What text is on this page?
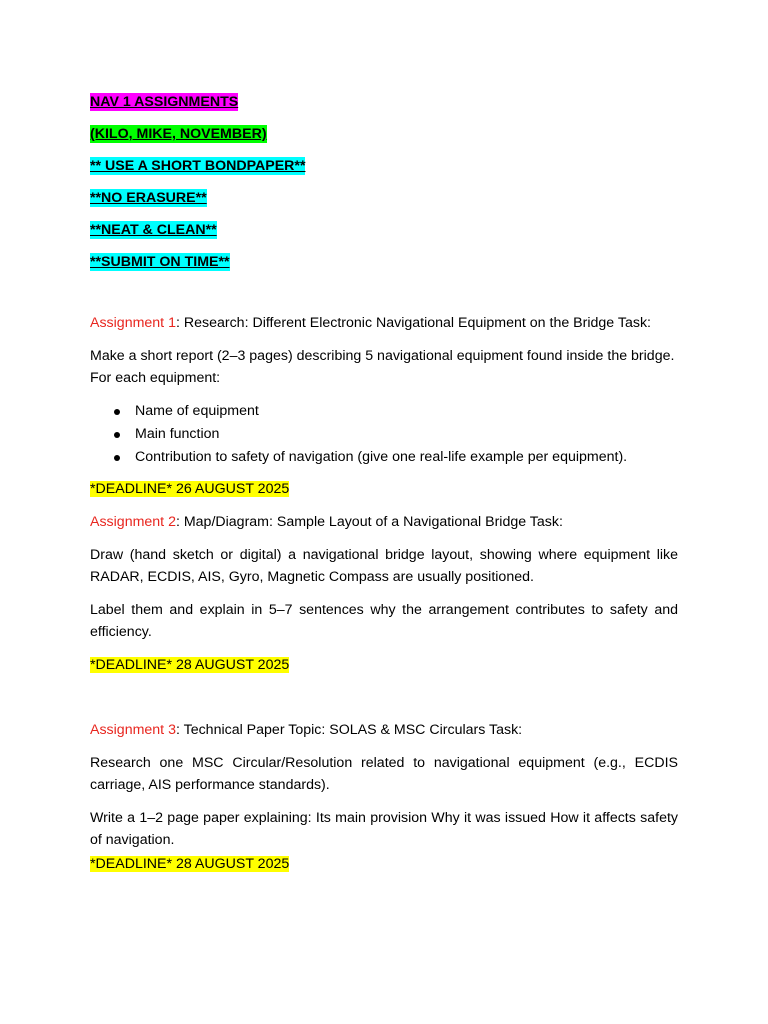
NAV 1 ASSIGNMENTS
(KILO, MIKE, NOVEMBER)
** USE A SHORT BONDPAPER**
**NO ERASURE**
**NEAT & CLEAN**
**SUBMIT ON TIME**

Assignment 1: Research: Different Electronic Navigational Equipment on the Bridge Task:

Make a short report (2–3 pages) describing 5 navigational equipment found inside the bridge. For each equipment:

Name of equipment
Main function
Contribution to safety of navigation (give one real-life example per equipment).
*DEADLINE* 26 AUGUST 2025

Assignment 2: Map/Diagram: Sample Layout of a Navigational Bridge Task:

Draw (hand sketch or digital) a navigational bridge layout, showing where equipment like RADAR, ECDIS, AIS, Gyro, Magnetic Compass are usually positioned.

Label them and explain in 5–7 sentences why the arrangement contributes to safety and efficiency.

*DEADLINE* 28 AUGUST 2025

Assignment 3: Technical Paper Topic: SOLAS & MSC Circulars Task:

Research one MSC Circular/Resolution related to navigational equipment (e.g., ECDIS carriage, AIS performance standards).

Write a 1–2 page paper explaining: Its main provision Why it was issued How it affects safety of navigation.

*DEADLINE* 28 AUGUST 2025
